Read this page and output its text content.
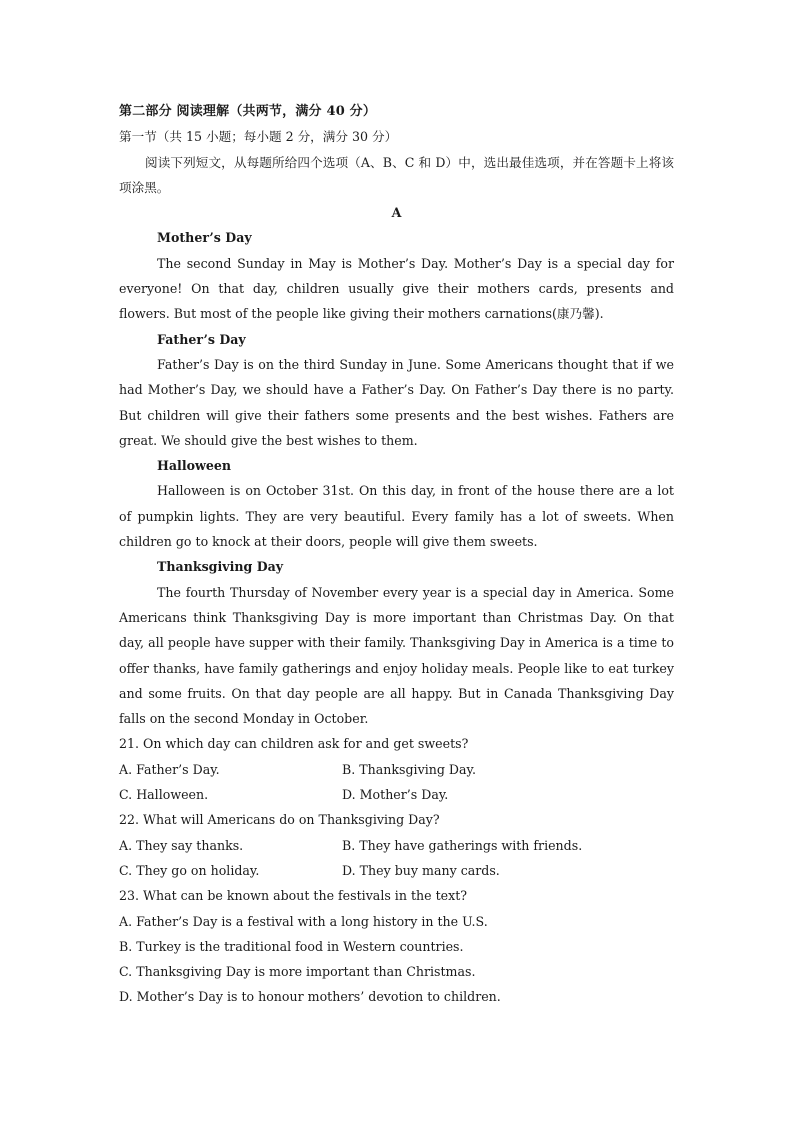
第二部分 阅读理解（共两节，满分 40 分）
第一节（共 15 小题；每小题 2 分，满分 30 分）
阅读下列短文，从每题所给四个选项（A、B、C 和 D）中，选出最佳选项，并在答题卡上将该项涂黑。
A
Mother’s Day
The second Sunday in May is Mother’s Day. Mother’s Day is a special day for everyone! On that day, children usually give their mothers cards, presents and flowers. But most of the people like giving their mothers carnations(康乃馨).
Father’s Day
Father’s Day is on the third Sunday in June. Some Americans thought that if we had Mother’s Day, we should have a Father’s Day. On Father’s Day there is no party. But children will give their fathers some presents and the best wishes. Fathers are great. We should give the best wishes to them.
Halloween
Halloween is on October 31st. On this day, in front of the house there are a lot of pumpkin lights. They are very beautiful. Every family has a lot of sweets. When children go to knock at their doors, people will give them sweets.
Thanksgiving Day
The fourth Thursday of November every year is a special day in America. Some Americans think Thanksgiving Day is more important than Christmas Day. On that day, all people have supper with their family. Thanksgiving Day in America is a time to offer thanks, have family gatherings and enjoy holiday meals. People like to eat turkey and some fruits. On that day people are all happy. But in Canada Thanksgiving Day falls on the second Monday in October.
21. On which day can children ask for and get sweets?
A. Father’s Day.	B. Thanksgiving Day.
C. Halloween.	D. Mother’s Day.
22. What will Americans do on Thanksgiving Day?
A. They say thanks.	B. They have gatherings with friends.
C. They go on holiday.	D. They buy many cards.
23. What can be known about the festivals in the text?
A. Father’s Day is a festival with a long history in the U.S.
B. Turkey is the traditional food in Western countries.
C. Thanksgiving Day is more important than Christmas.
D. Mother’s Day is to honour mothers’ devotion to children.
